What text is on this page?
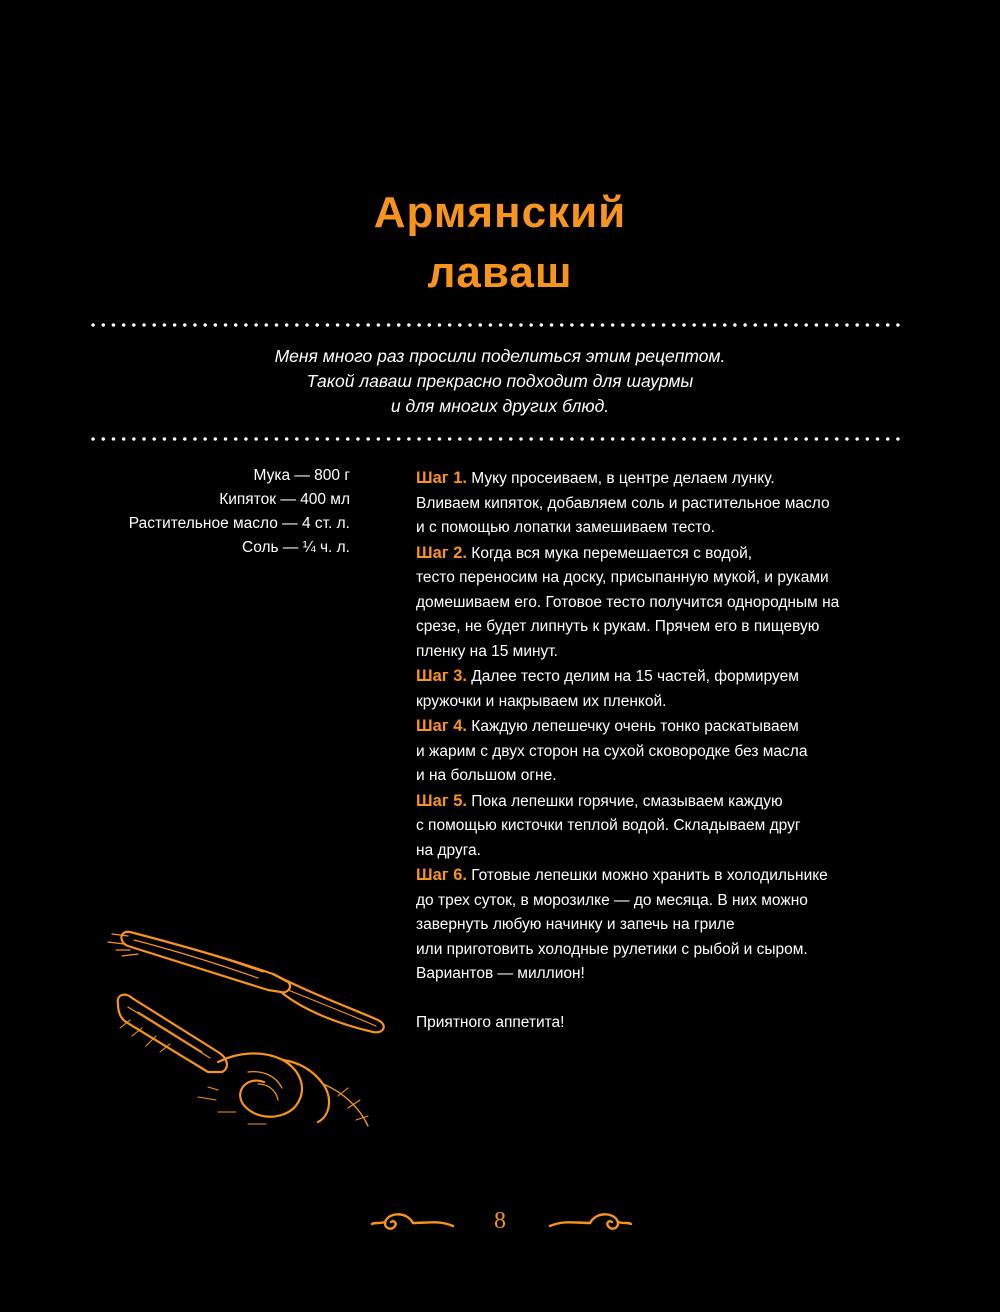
Армянский
лаваш
Меня много раз просили поделиться этим рецептом.
Такой лаваш прекрасно подходит для шаурмы
и для многих других блюд.
Мука — 800 г
Кипяток — 400 мл
Растительное масло — 4 ст. л.
Соль — ¼ ч. л.
Шаг 1. Муку просеиваем, в центре делаем лунку.
Вливаем кипяток, добавляем соль и растительное масло
и с помощью лопатки замешиваем тесто.
Шаг 2. Когда вся мука перемешается с водой,
тесто переносим на доску, присыпанную мукой, и руками
домешиваем его. Готовое тесто получится однородным на
срезе, не будет липнуть к рукам. Прячем его в пищевую
пленку на 15 минут.
Шаг 3. Далее тесто делим на 15 частей, формируем
кружочки и накрываем их пленкой.
Шаг 4. Каждую лепешечку очень тонко раскатываем
и жарим с двух сторон на сухой сковородке без масла
и на большом огне.
Шаг 5. Пока лепешки горячие, смазываем каждую
с помощью кисточки теплой водой. Складываем друг
на друга.
Шаг 6. Готовые лепешки можно хранить в холодильнике
до трех суток, в морозилке — до месяца. В них можно
завернуть любую начинку и запечь на гриле
или приготовить холодные рулетики с рыбой и сыром.
Вариантов — миллион!
Приятного аппетита!
8
